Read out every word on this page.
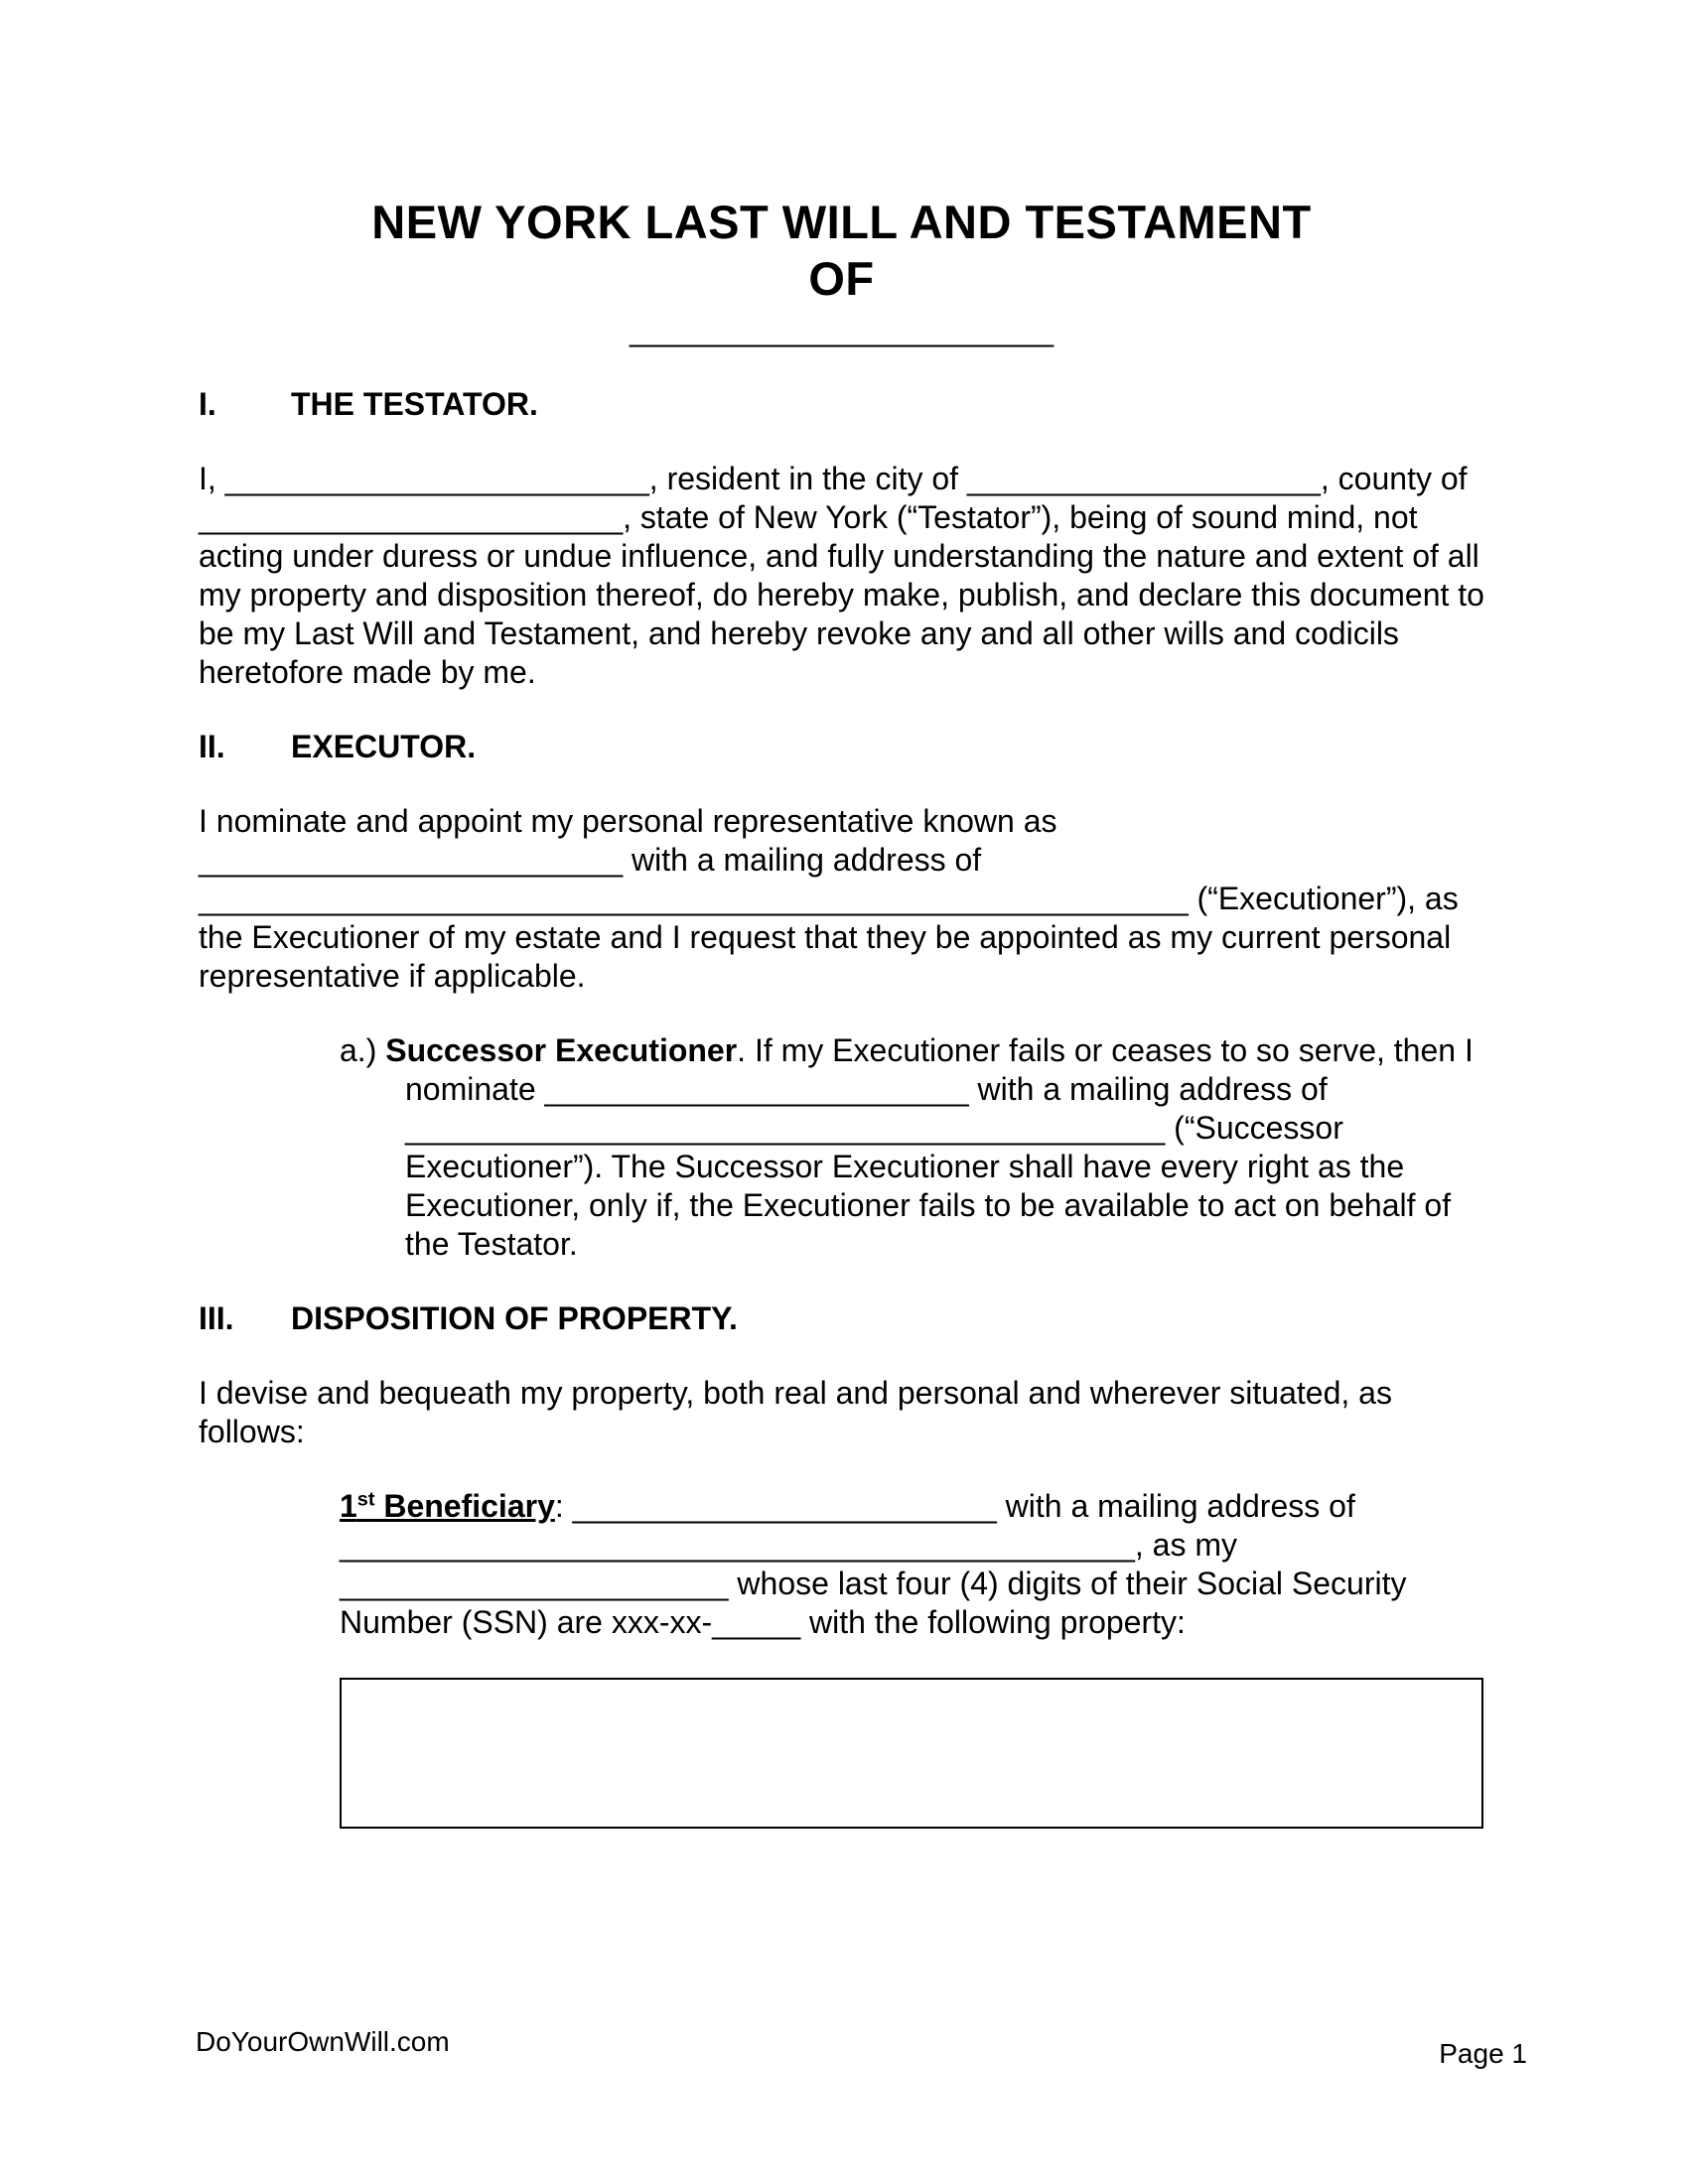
NEW YORK LAST WILL AND TESTAMENT
OF
________________________
I. THE TESTATOR.

I, ________________________, resident in the city of ____________________, county of ________________________, state of New York (“Testator”), being of sound mind, not acting under duress or undue influence, and fully understanding the nature and extent of all my property and disposition thereof, do hereby make, publish, and declare this document to be my Last Will and Testament, and hereby revoke any and all other wills and codicils heretofore made by me.

II. EXECUTOR.

I nominate and appoint my personal representative known as ________________________ with a mailing address of ________________________________________________________ (“Executioner”), as the Executioner of my estate and I request that they be appointed as my current personal representative if applicable.

a.) Successor Executioner. If my Executioner fails or ceases to so serve, then I nominate ________________________ with a mailing address of ___________________________________________ (“Successor Executioner”). The Successor Executioner shall have every right as the Executioner, only if, the Executioner fails to be available to act on behalf of the Testator.
III. DISPOSITION OF PROPERTY.

I devise and bequeath my property, both real and personal and wherever situated, as follows:

1st Beneficiary: ________________________ with a mailing address of _____________________________________________, as my ______________________ whose last four (4) digits of their Social Security Number (SSN) are xxx-xx-_____ with the following property:
DoYourOwnWill.com	Page 1
